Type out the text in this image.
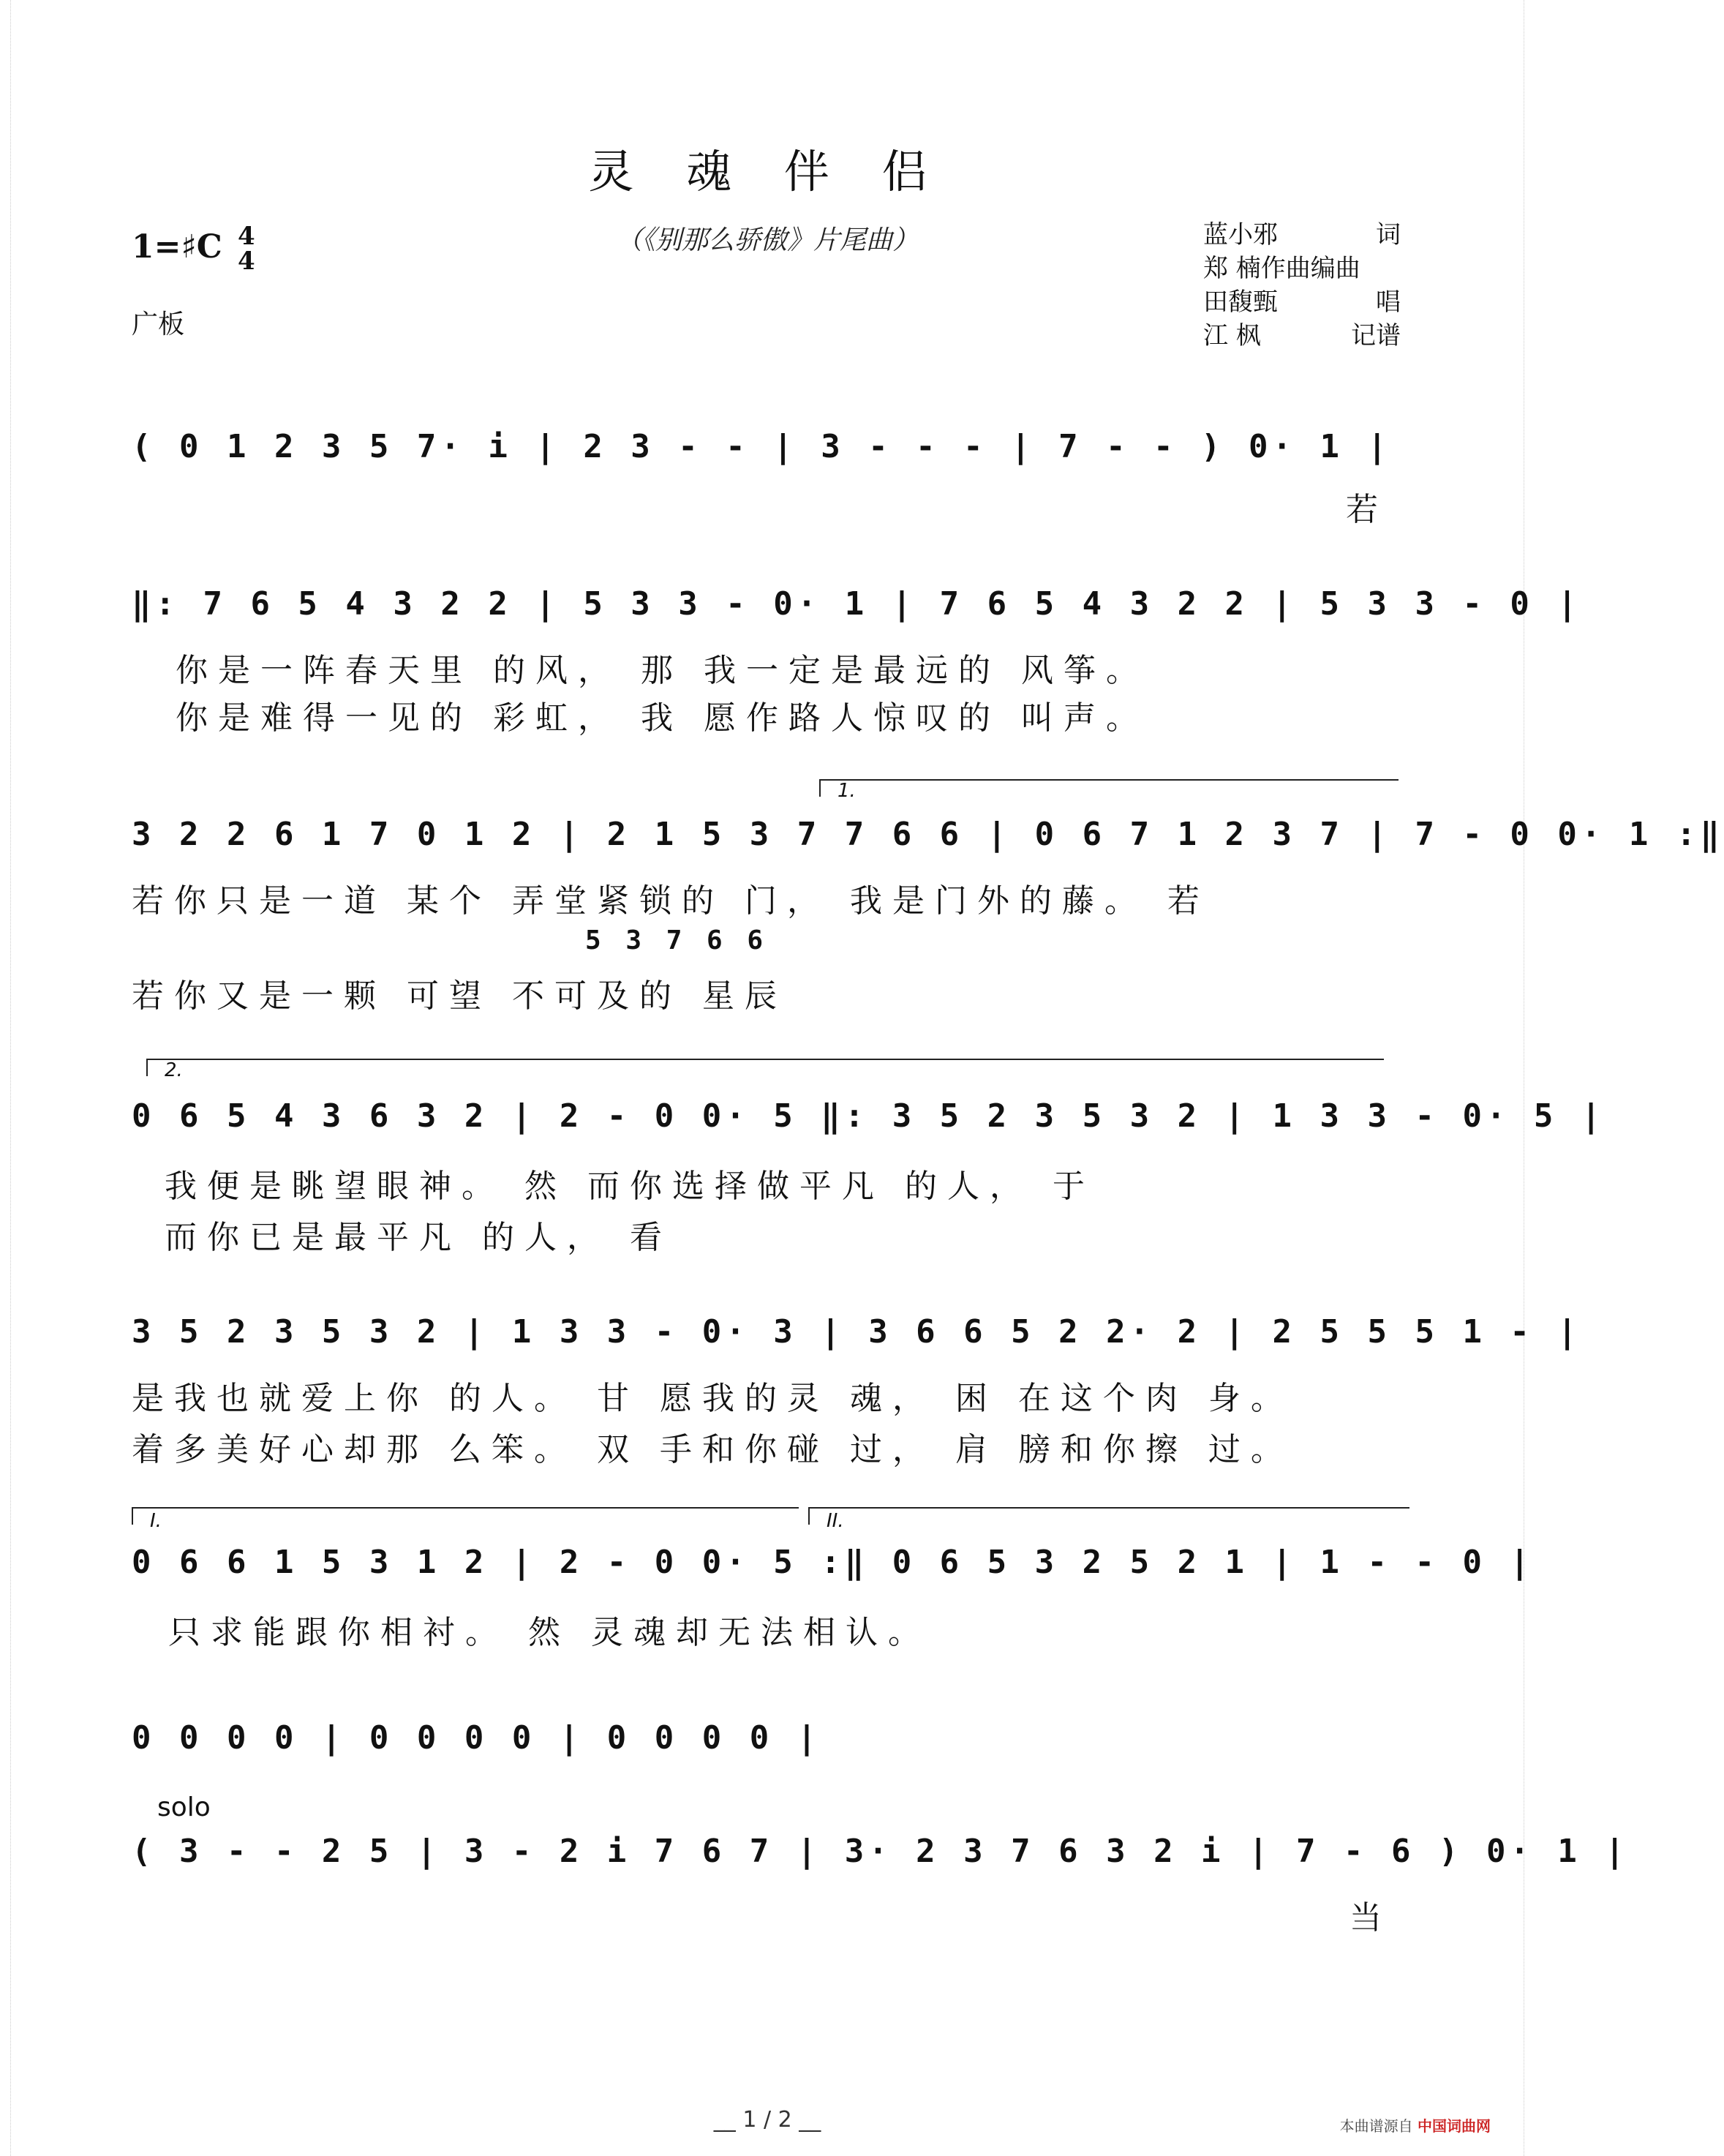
灵 魂 伴 侣
（《别那么骄傲》片尾曲）
1=♯C 4
4
广板
蓝小邪	词
郑 楠作曲编曲
田馥甄	唱
江 枫	记谱
( 0 1 2 3 5 7· i | 2 3 - - | 3 - - - | 7 - - ) 0· 1 |
若
‖: 7 6 5 4 3 2 2 | 5 3 3 - 0· 1 | 7 6 5 4 3 2 2 | 5 3 3 - 0 |
你是一阵春天里 的风， 那 我一定是最远的 风筝。
你是难得一见的 彩虹， 我 愿作路人惊叹的 叫声。
1.
3 2 2 6 1 7 0 1 2 | 2 1 5 3 7 7 6 6 | 0 6 7 1 2 3 7 | 7 - 0 0· 1 :‖
若你只是一道 某个 弄堂紧锁的 门， 我是门外的藤。 若
5 3 7 6 6
若你又是一颗 可望 不可及的 星辰
2.
0 6 5 4 3 6 3 2 | 2 - 0 0· 5 ‖: 3 5 2 3 5 3 2 | 1 3 3 - 0· 5 |
我便是眺望眼神。 然 而你选择做平凡 的人， 于
而你已是最平凡 的人， 看
3 5 2 3 5 3 2 | 1 3 3 - 0· 3 | 3 6 6 5 2 2· 2 | 2 5 5 5 1 - |
是我也就爱上你 的人。 甘 愿我的灵 魂， 困 在这个肉 身。
着多美好心却那 么笨。 双 手和你碰 过， 肩 膀和你擦 过。
I.	II.
0 6 6 1 5 3 1 2 | 2 - 0 0· 5 :‖ 0 6 5 3 2 5 2 1 | 1 - - 0 |
只求能跟你相衬。 然 灵魂却无法相认。
0 0 0 0 | 0 0 0 0 | 0 0 0 0 |
solo
( 3 - - 2 5 | 3 - 2 i 7 6 7 | 3· 2 3 7 6 3 2 i | 7 - 6 ) 0· 1 |
当
__ 1 / 2 __	本曲谱源自 中国词曲网
